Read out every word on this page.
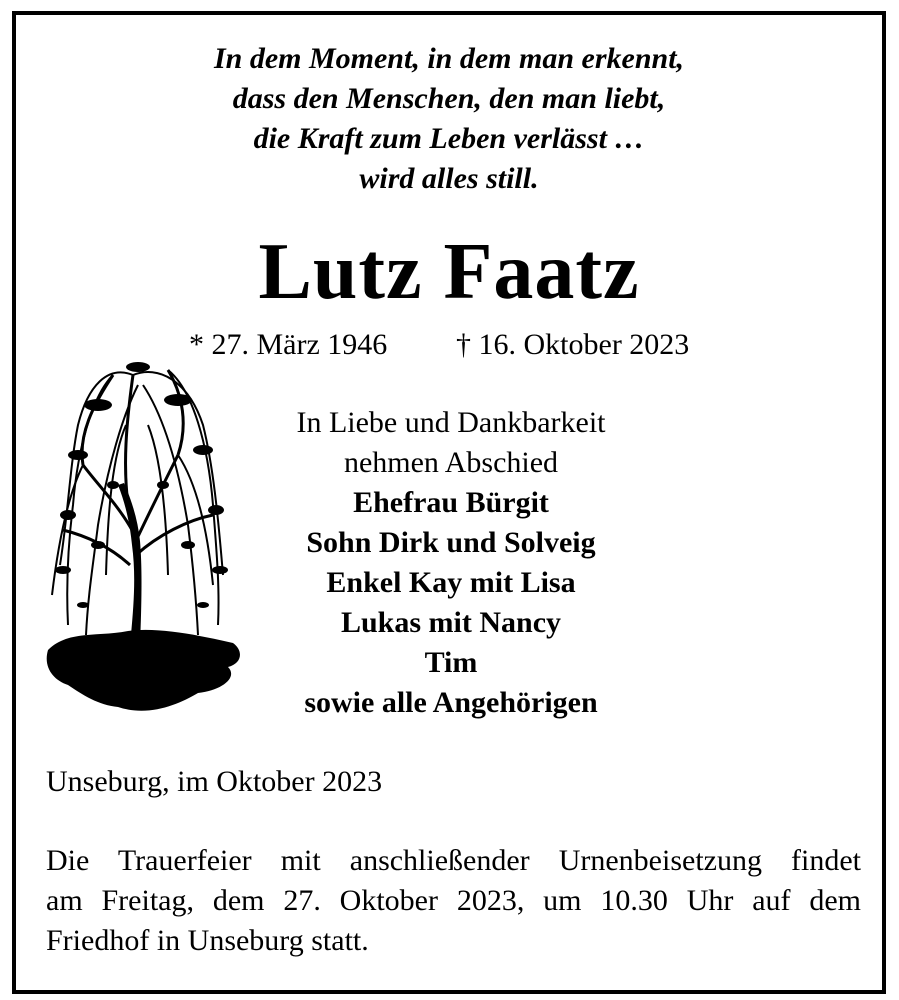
In dem Moment, in dem man erkennt,
dass den Menschen, den man liebt,
die Kraft zum Leben verlässt …
wird alles still.
Lutz Faatz
* 27. März 1946 † 16. Oktober 2023
In Liebe und Dankbarkeit
nehmen Abschied
Ehefrau Bürgit
Sohn Dirk und Solveig
Enkel Kay mit Lisa
Lukas mit Nancy
Tim
sowie alle Angehörigen
Unseburg, im Oktober 2023
Die Trauerfeier mit anschließender Urnenbeisetzung findet
am Freitag, dem 27. Oktober 2023, um 10.30 Uhr auf dem
Friedhof in Unseburg statt.
